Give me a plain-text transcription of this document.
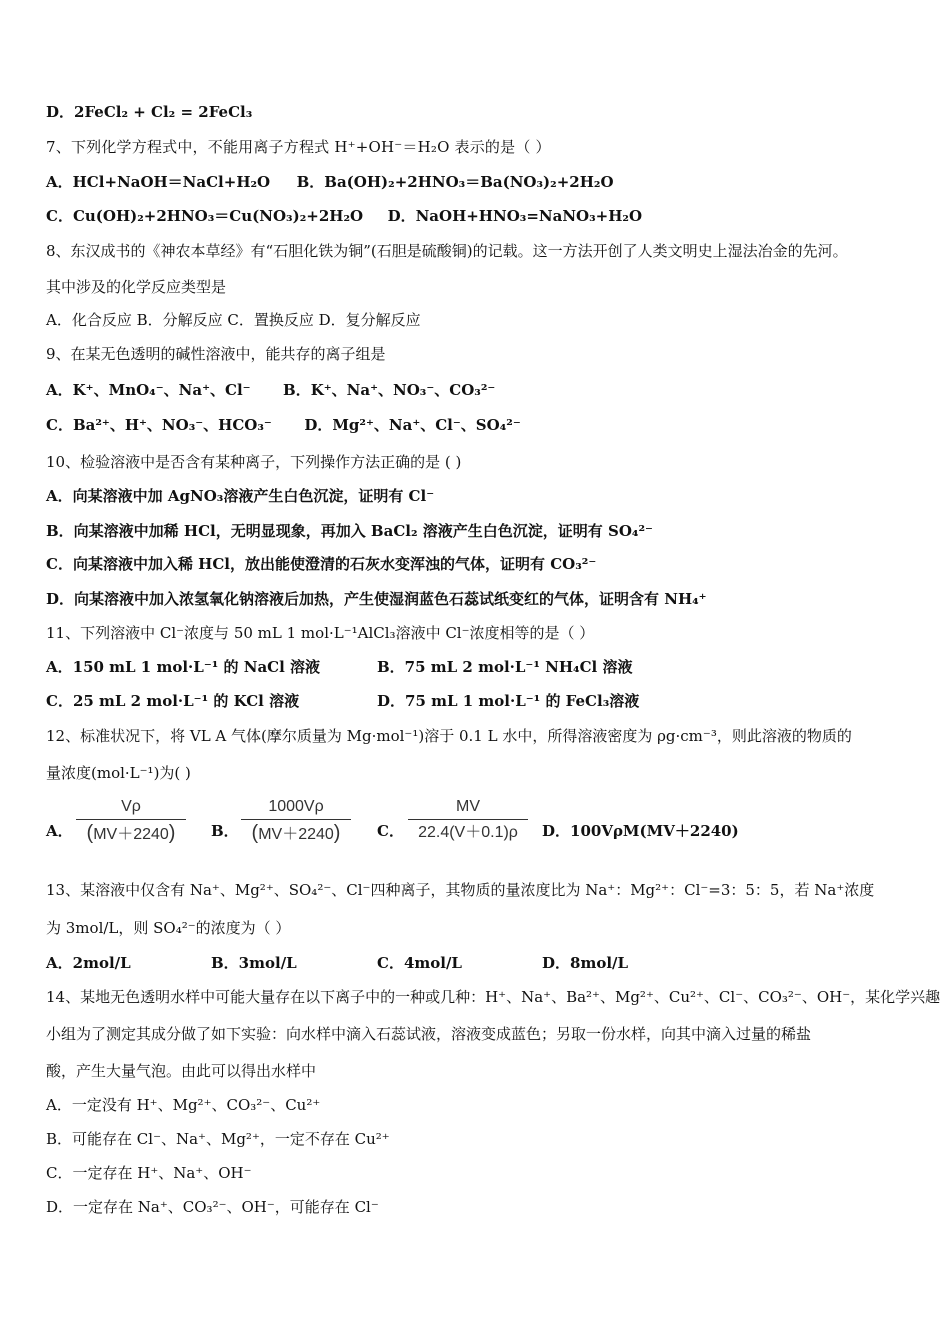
D．2FeCl₂ + Cl₂ = 2FeCl₃
7、下列化学方程式中，不能用离子方程式 H⁺+OH⁻＝H₂O 表示的是（ ）
A．HCl+NaOH＝NaCl+H₂O B．Ba(OH)₂+2HNO₃＝Ba(NO₃)₂+2H₂O
C．Cu(OH)₂+2HNO₃＝Cu(NO₃)₂+2H₂O D．NaOH+HNO₃=NaNO₃+H₂O
8、东汉成书的《神农本草经》有“石胆化铁为铜”(石胆是硫酸铜)的记载。这一方法开创了人类文明史上湿法冶金的先河。
其中涉及的化学反应类型是
A．化合反应 B．分解反应 C．置换反应 D．复分解反应
9、在某无色透明的碱性溶液中，能共存的离子组是
A．K⁺、MnO₄⁻、Na⁺、Cl⁻ B．K⁺、Na⁺、NO₃⁻、CO₃²⁻
C．Ba²⁺、H⁺、NO₃⁻、HCO₃⁻ D．Mg²⁺、Na⁺、Cl⁻、SO₄²⁻
10、检验溶液中是否含有某种离子，下列操作方法正确的是 ( )
A．向某溶液中加 AgNO₃溶液产生白色沉淀，证明有 Cl⁻
B．向某溶液中加稀 HCl，无明显现象，再加入 BaCl₂ 溶液产生白色沉淀，证明有 SO₄²⁻
C．向某溶液中加入稀 HCl，放出能使澄清的石灰水变浑浊的气体，证明有 CO₃²⁻
D．向某溶液中加入浓氢氧化钠溶液后加热，产生使湿润蓝色石蕊试纸变红的气体，证明含有 NH₄⁺
11、下列溶液中 Cl⁻浓度与 50 mL 1 mol·L⁻¹AlCl₃溶液中 Cl⁻浓度相等的是（ ）
A．150 mL 1 mol·L⁻¹ 的 NaCl 溶液	B．75 mL 2 mol·L⁻¹ NH₄Cl 溶液
C．25 mL 2 mol·L⁻¹ 的 KCl 溶液	D．75 mL 1 mol·L⁻¹ 的 FeCl₃溶液
12、标准状况下，将 VL A 气体(摩尔质量为 Mg·mol⁻¹)溶于 0.1 L 水中，所得溶液密度为 ρg·cm⁻³，则此溶液的物质的
量浓度(mol·L⁻¹)为( )
A．
Vρ
(MV＋2240)	B．
1000Vρ
(MV＋2240)	C．
MV
22.4(V＋0.1)ρ	D．100VρM(MV＋2240)
13、某溶液中仅含有 Na⁺、Mg²⁺、SO₄²⁻、Cl⁻四种离子，其物质的量浓度比为 Na⁺：Mg²⁺：Cl⁻=3：5：5，若 Na⁺浓度
为 3mol/L，则 SO₄²⁻的浓度为（ ）
A．2mol/L	B．3mol/L	C．4mol/L	D．8mol/L
14、某地无色透明水样中可能大量存在以下离子中的一种或几种：H⁺、Na⁺、Ba²⁺、Mg²⁺、Cu²⁺、Cl⁻、CO₃²⁻、OH⁻，某化学兴趣
小组为了测定其成分做了如下实验：向水样中滴入石蕊试液，溶液变成蓝色；另取一份水样，向其中滴入过量的稀盐
酸，产生大量气泡。由此可以得出水样中
A．一定没有 H⁺、Mg²⁺、CO₃²⁻、Cu²⁺
B．可能存在 Cl⁻、Na⁺、Mg²⁺，一定不存在 Cu²⁺
C．一定存在 H⁺、Na⁺、OH⁻
D．一定存在 Na⁺、CO₃²⁻、OH⁻，可能存在 Cl⁻
